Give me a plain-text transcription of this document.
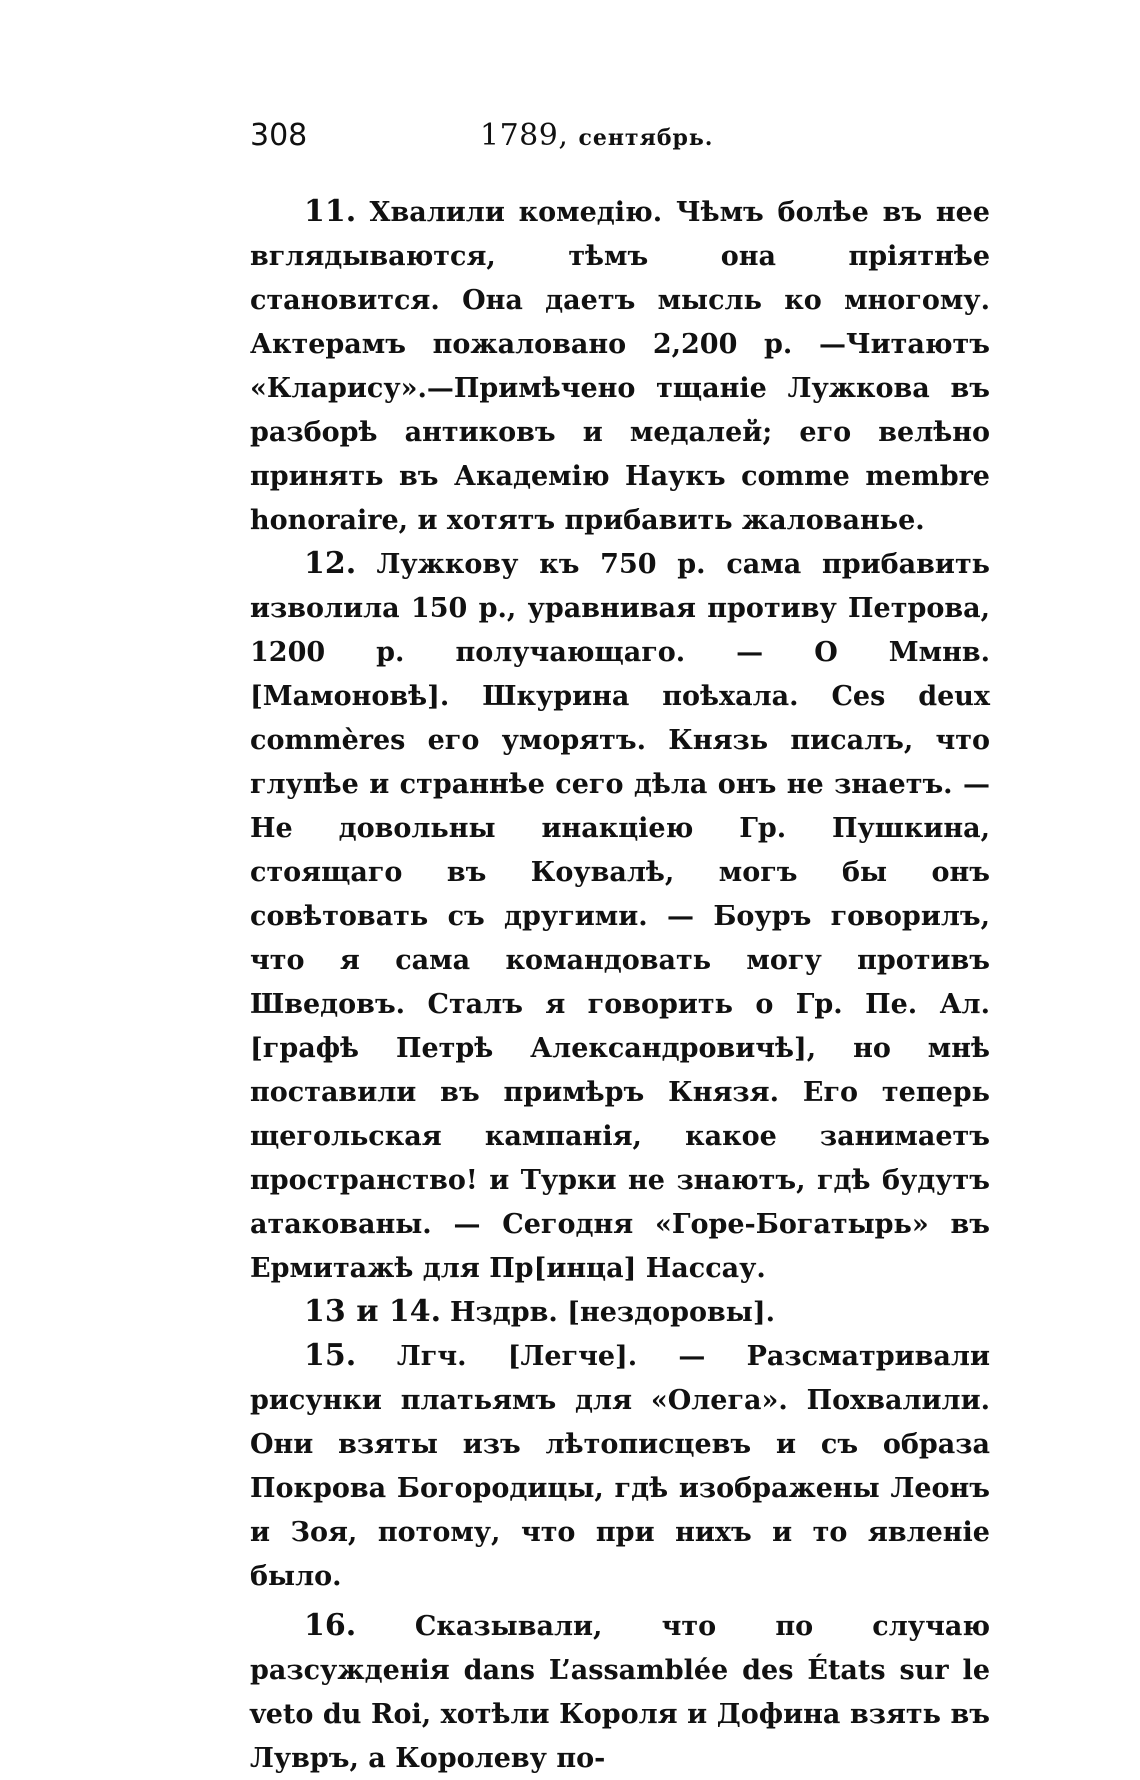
308	1789, сентябрь.

11. Хвалили комедію. Чѣмъ болѣе въ нее вглядываются, тѣмъ она пріятнѣе становится. Она даетъ мысль ко многому. Актерамъ пожаловано 2,200 р. —Читаютъ «Кларису».—Примѣчено тщаніе Лужкова въ разборѣ антиковъ и медалей; его велѣно принять въ Академію Наукъ comme membre honoraire, и хотятъ прибавить жалованье.

12. Лужкову къ 750 р. сама прибавить изволила 150 р., уравнивая противу Петрова, 1200 р. получающаго. — О Ммнв. [Мамоновѣ]. Шкурина поѣхала. Ces deux commères его уморятъ. Князь писалъ, что глупѣе и страннѣе сего дѣла онъ не знаетъ. — Не довольны инакціею Гр. Пушкина, стоящаго въ Коувалѣ, могъ бы онъ совѣтовать съ другими. — Боуръ говорилъ, что я сама командовать могу противъ Шведовъ. Сталъ я говорить о Гр. Пе. Ал. [графѣ Петрѣ Александровичѣ], но мнѣ поставили въ примѣръ Князя. Его теперь щегольская кампанія, какое занимаетъ пространство! и Турки не знаютъ, гдѣ будутъ атакованы. — Сегодня «Горе-Богатырь» въ Ермитажѣ для Пр[инца] Нассау.

13 и 14. Нздрв. [нездоровы].

15. Лгч. [Легче]. — Разсматривали рисунки платьямъ для «Олега». Похвалили. Они взяты изъ лѣтописцевъ и съ образа Покрова Богородицы, гдѣ изображены Леонъ и Зоя, потому, что при нихъ и то явленіе было.

16. Сказывали, что по случаю разсужденія dans L’assamblée des États sur le veto du Roi, хотѣли Короля и Дофина взять въ Лувръ, а Королеву по-
